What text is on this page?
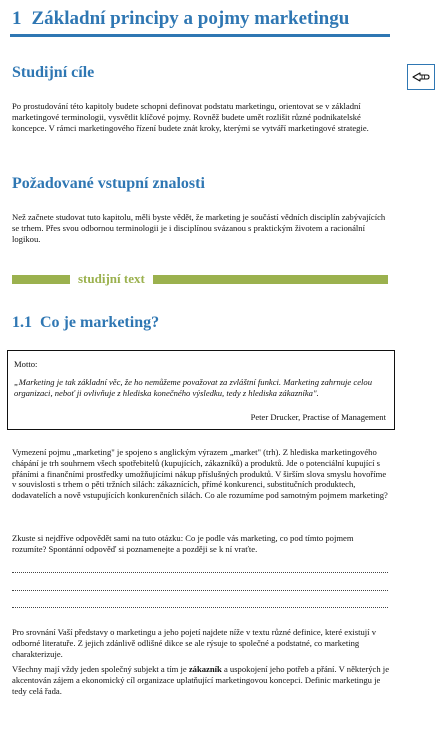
1 Základní principy a pojmy marketingu
Studijní cíle
Po prostudování této kapitoly budete schopni definovat podstatu marketingu, orientovat se v základní marketingové terminologii, vysvětlit klíčové pojmy. Rovněž budete umět rozlišit různé podnikatelské koncepce. V rámci marketingového řízení budete znát kroky, kterými se vytváří marketingové strategie.
Požadované vstupní znalosti
Než začnete studovat tuto kapitolu, měli byste vědět, že marketing je součástí vědních disciplín zabývajících se trhem. Přes svou odbornou terminologii je i disciplínou svázanou s praktickým životem a racionální logikou.
studijní text
1.1 Co je marketing?
Motto:
„Marketing je tak základní věc, že ho nemůžeme považovat za zvláštní funkci. Marketing zahrnuje celou organizaci, neboť ji ovlivňuje z hlediska konečného výsledku, tedy z hlediska zákazníka".
Peter Drucker, Practise of Management
Vymezení pojmu „marketing" je spojeno s anglickým výrazem „market" (trh). Z hlediska marketingového chápání je trh souhrnem všech spotřebitelů (kupujících, zákazníků) a produktů. Jde o potenciální kupující s přáními a finančními prostředky umožňujícími nákup příslušných produktů. V širším slova smyslu hovoříme v souvislosti s trhem o pěti tržních silách: zákaznících, přímé konkurenci, substitučních produktech, dodavatelích a nově vstupujících konkurenčních silách. Co ale rozumíme pod samotným pojmem marketing?
Zkuste si nejdříve odpovědět sami na tuto otázku: Co je podle vás marketing, co pod tímto pojmem rozumíte? Spontánní odpověď si poznamenejte a později se k ní vraťte.
Pro srovnání Vaší představy o marketingu a jeho pojetí najdete níže v textu různé definice, které existují v odborné literatuře. Z jejich zdánlivě odlišné dikce se ale rýsuje to společné a podstatné, co marketing charakterizuje.
Všechny mají vždy jeden společný subjekt a tím je zákazník a uspokojení jeho potřeb a přání. V některých je akcentován zájem a ekonomický cíl organizace uplatňující marketingovou koncepci. Definic marketingu je tedy celá řada.
